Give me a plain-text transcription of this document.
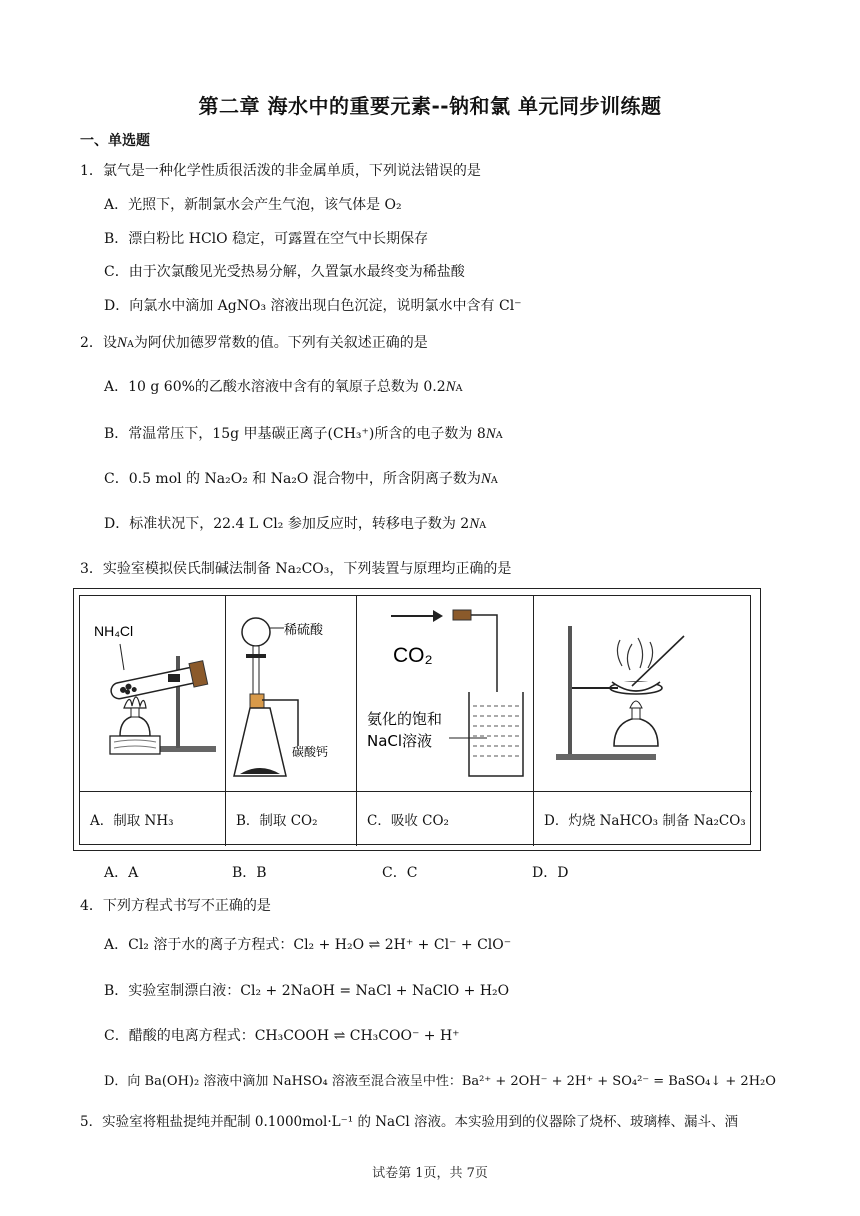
第二章 海水中的重要元素--钠和氯 单元同步训练题
一、单选题
1．氯气是一种化学性质很活泼的非金属单质，下列说法错误的是
A．光照下，新制氯水会产生气泡，该气体是 O₂
B．漂白粉比 HClO 稳定，可露置在空气中长期保存
C．由于次氯酸见光受热易分解，久置氯水最终变为稀盐酸
D．向氯水中滴加 AgNO₃ 溶液出现白色沉淀，说明氯水中含有 Cl⁻
2．设NA为阿伏加德罗常数的值。下列有关叙述正确的是
A．10 g 60%的乙酸水溶液中含有的氧原子总数为 0.2NA
B．常温常压下，15g 甲基碳正离子(CH₃⁺)所含的电子数为 8NA
C．0.5 mol 的 Na₂O₂ 和 Na₂O 混合物中，所含阴离子数为NA
D．标准状况下，22.4 L Cl₂ 参加反应时，转移电子数为 2NA
3．实验室模拟侯氏制碱法制备 Na₂CO₃，下列装置与原理均正确的是
NH₄Cl	稀硫酸
碳酸钙
CO₂
氨化的饱和
NaCl溶液
A．制取 NH₃	B．制取 CO₂	C．吸收 CO₂	D．灼烧 NaHCO₃ 制备 Na₂CO₃
A．A	B．B	C．C	D．D
4．下列方程式书写不正确的是
A．Cl₂ 溶于水的离子方程式：Cl₂ + H₂O ⇌ 2H⁺ + Cl⁻ + ClO⁻
B．实验室制漂白液：Cl₂ + 2NaOH = NaCl + NaClO + H₂O
C．醋酸的电离方程式：CH₃COOH ⇌ CH₃COO⁻ + H⁺
D．向 Ba(OH)₂ 溶液中滴加 NaHSO₄ 溶液至混合液呈中性：Ba²⁺ + 2OH⁻ + 2H⁺ + SO₄²⁻ = BaSO₄↓ + 2H₂O
5．实验室将粗盐提纯并配制 0.1000mol·L⁻¹ 的 NaCl 溶液。本实验用到的仪器除了烧杯、玻璃棒、漏斗、酒
试卷第 1页，共 7页
